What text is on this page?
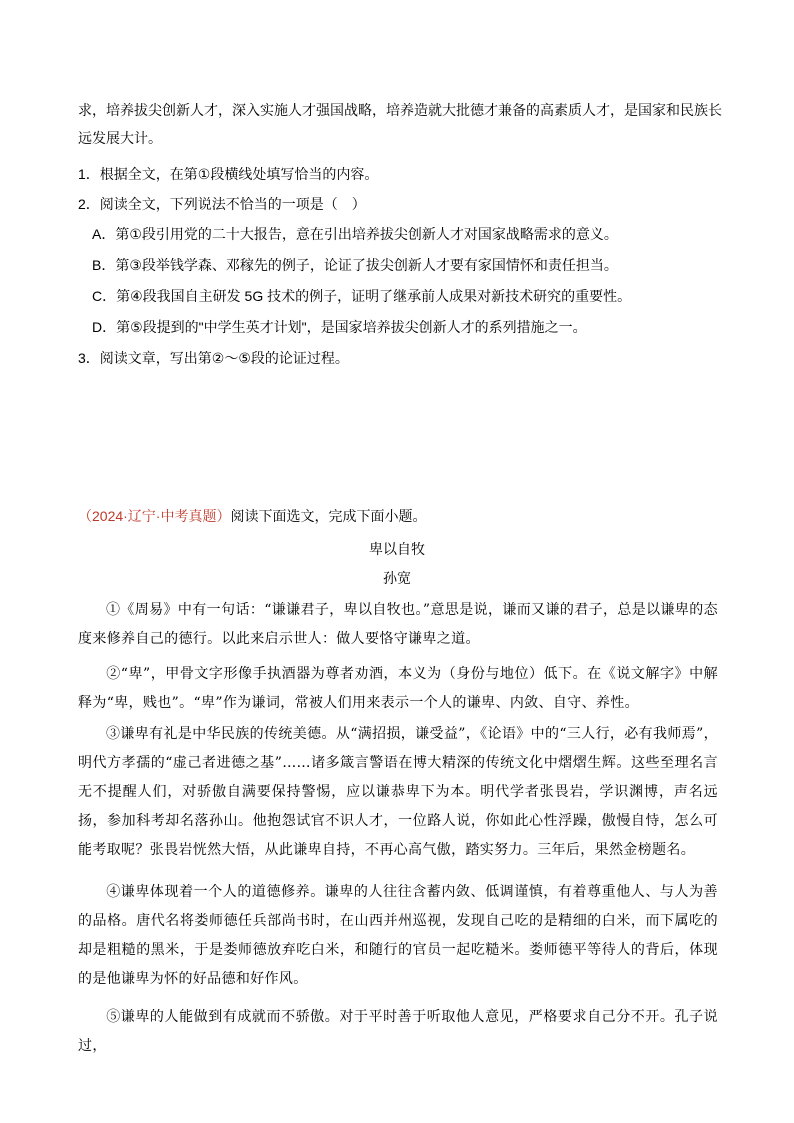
求，培养拔尖创新人才，深入实施人才强国战略，培养造就大批德才兼备的高素质人才，是国家和民族长
远发展大计。
1．根据全文，在第①段横线处填写恰当的内容。
2．阅读全文，下列说法不恰当的一项是（　）
A．第①段引用党的二十大报告，意在引出培养拔尖创新人才对国家战略需求的意义。
B．第③段举钱学森、邓稼先的例子，论证了拔尖创新人才要有家国情怀和责任担当。
C．第④段我国自主研发 5G 技术的例子，证明了继承前人成果对新技术研究的重要性。
D．第⑤段提到的"中学生英才计划"，是国家培养拔尖创新人才的系列措施之一。
3．阅读文章，写出第②～⑤段的论证过程。
（2024·辽宁·中考真题）阅读下面选文，完成下面小题。
卑以自牧
孙宽
①《周易》中有一句话：“谦谦君子，卑以自牧也。”意思是说，谦而又谦的君子，总是以谦卑的态度来修养自己的德行。以此来启示世人：做人要恪守谦卑之道。
②“卑”，甲骨文字形像手执酒器为尊者劝酒，本义为（身份与地位）低下。在《说文解字》中解释为“卑，贱也”。“卑”作为谦词，常被人们用来表示一个人的谦卑、内敛、自守、养性。
③谦卑有礼是中华民族的传统美德。从“满招损，谦受益”，《论语》中的“三人行，必有我师焉”，明代方孝孺的“虚己者进德之基”……诸多箴言警语在博大精深的传统文化中熠熠生辉。这些至理名言无不提醒人们，对骄傲自满要保持警惕，应以谦恭卑下为本。明代学者张畏岩，学识渊博，声名远扬，参加科考却名落孙山。他抱怨试官不识人才，一位路人说，你如此心性浮躁，傲慢自恃，怎么可能考取呢？张畏岩恍然大悟，从此谦卑自持，不再心高气傲，踏实努力。三年后，果然金榜题名。
④谦卑体现着一个人的道德修养。谦卑的人往往含蓄内敛、低调谨慎，有着尊重他人、与人为善的品格。唐代名将娄师德任兵部尚书时，在山西并州巡视，发现自己吃的是精细的白米，而下属吃的却是粗糙的黑米，于是娄师德放弃吃白米，和随行的官员一起吃糙米。娄师德平等待人的背后，体现的是他谦卑为怀的好品德和好作风。
⑤谦卑的人能做到有成就而不骄傲。对于平时善于听取他人意见，严格要求自己分不开。孔子说过，
